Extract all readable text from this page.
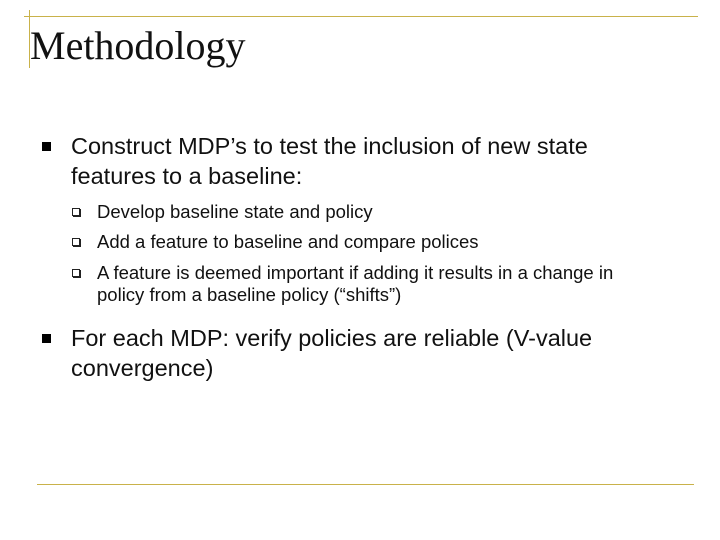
Methodology
Construct MDP’s to test the inclusion of new state features to a baseline:
Develop baseline state and policy
Add a feature to baseline and compare polices
A feature is deemed important if adding it results in a change in policy from a baseline policy (“shifts”)
For each MDP: verify policies are reliable (V-value convergence)
